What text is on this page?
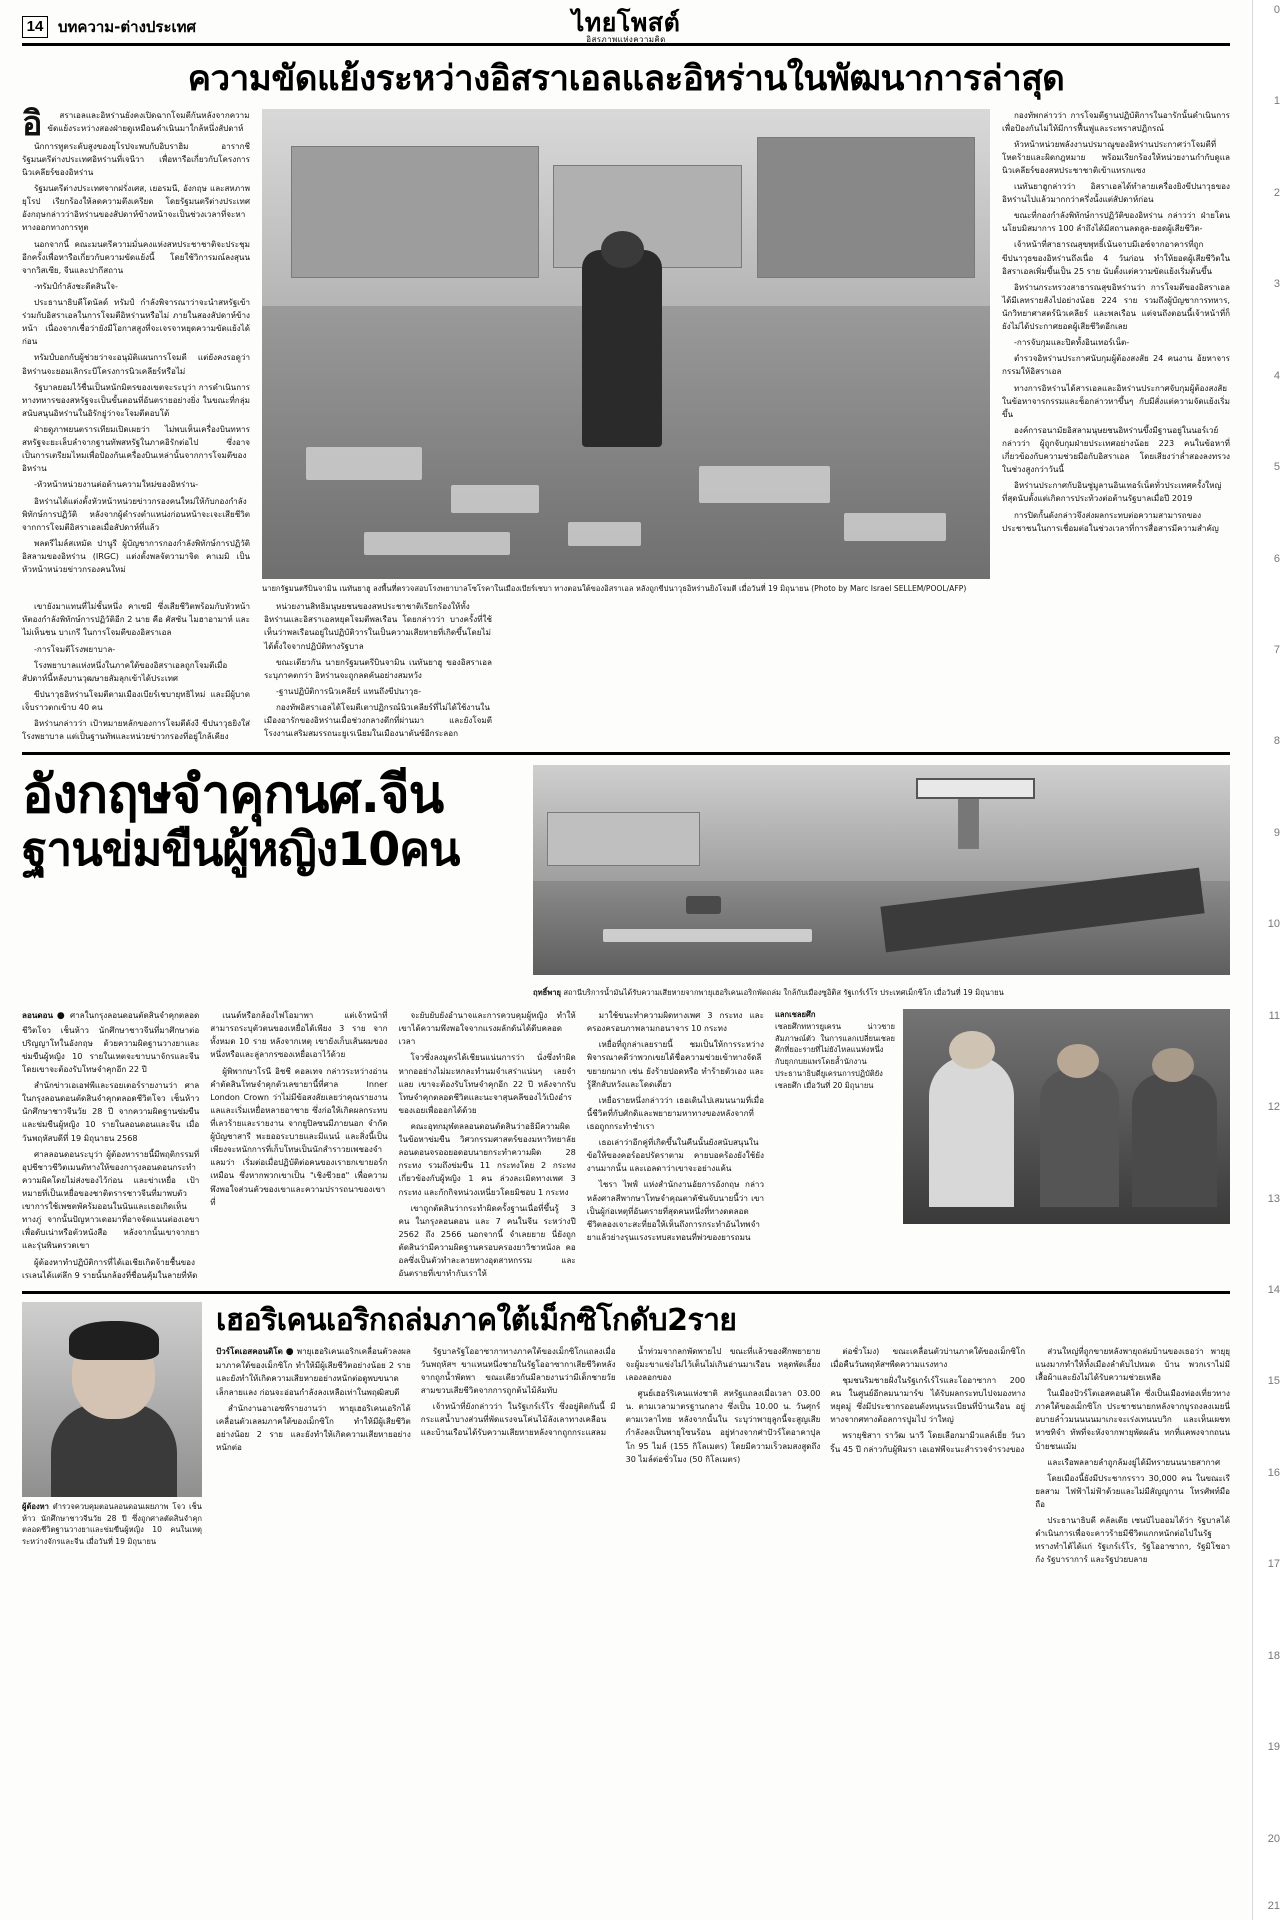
0
1
2
3
4
5
6
7
8
9
10
11
12
13
14
15
16
17
18
19
20
21
14 บทความ-ต่างประเทศ	ไทยโพสต์
อิสรภาพแห่งความคิด
ความขัดแย้งระหว่างอิสราเอลและอิหร่านในพัฒนาการล่าสุด
อิ	สราเอลและอิหร่านยังคงเปิดฉากโจมตีกันหลังจากความขัดแย้งระหว่างสองฝ่ายดูเหมือนดำเนินมาใกล้หนึ่งสัปดาห์

นักการทูตระดับสูงของยุโรปจะพบกับอิบราฮิม อารากชี รัฐมนตรีต่างประเทศอิหร่านที่เจนีวา เพื่อหารือเกี่ยวกับโครงการนิวเคลียร์ของอิหร่าน

รัฐมนตรีต่างประเทศจากฝรั่งเศส, เยอรมนี, อังกฤษ และสหภาพยุโรป เรียกร้องให้ลดความตึงเครียด โดยรัฐมนตรีต่างประเทศอังกฤษกล่าวว่าอิหร่านของสัปดาห์ข้างหน้าจะเป็นช่วงเวลาที่จะหาทางออกทางการทูต

นอกจากนี้ คณะมนตรีความมั่นคงแห่งสหประชาชาติจะประชุมอีกครั้งเพื่อหารือเกี่ยวกับความขัดแย้งนี้ โดยใช้วิการมณ์ลงสุนนจากวิสเซีย, จีนและปากีสถาน

-ทรัมป์กำลังชะดีตสินใจ-

ประธานาธิบดีโดนัลด์ ทรัมป์ กำลังพิจารณาว่าจะนำสหรัฐเข้าร่วมกับอิสราเอลในการโจมตีอิหร่านหรือไม่ ภายในสองสัปดาห์ข้างหน้า เนื่องจากเชื่อว่ายังมีโอกาสสูงที่จะเจรจาหยุดความขัดแย้งได้ก่อน

ทรัมป์บอกกับผู้ช่วยว่าจะอนุมัติแผนการโจมตี แต่ยังคงรอดูว่าอิหร่านจะยอมเลิกระบีโครงการนิวเคลียร์หรือไม่

รัฐบาลยอมไว้ชื่นเป็นหนักมิตรของเขตจะระบุว่า การดำเนินการทางทหารของสหรัฐจะเป็นขั้นตอนที่อันตรายอย่างยิ่ง ในขณะที่กลุ่มสนับสนุนอิหร่านในอิรักยู่ว่าจะโจมตีตอบโต้

ฝ่ายดูภาพยนตรารเทียมเปิดเผยว่า ไม่พบเห็นเครื่องบินทหารสหรัฐจะยะเล็บลำจากฐานทัพสหรัฐในภาคอิรักต่อไป ซึ่งอาจเป็นการเตรียมไหมเพื่อป้องกันเครื่องบินเหล่านั้นจากการโจมตีของอิหร่าน

-หัวหน้าหน่วยงานต่อต้านความใหม่ของอิหร่าน-

อิหร่านได้แต่งตั้งหัวหน้าหน่วยข่าวกรองคนใหม่ให้กับกองกำลังพิทักษ์การปฏิวัติ หลังจากผู้ดำรงตำแหน่งก่อนหน้าจะเจะเสียชีวิตจากการโจมตีอิสราเอลเมื่อสัปดาห์ที่แล้ว

พลตรีไมล์สเหมัด ปานูรี ผู้บัญชาการกองกำลังพิทักษ์การปฏิวัติอิสลามของอิหร่าน (IRGC) แต่งตั้งพลจัตวามาจิด คาเมมิ เป็นหัวหน้าหน่วยข่าวกรองคนใหม่

นายกรัฐมนตรีบินจามิน เนทันยาฮู ลงพื้นที่ตรวจสอบโรงพยาบาลโซโรคาในเมืองเบียร์เชบา ทางตอนใต้ของอิสราเอล หลังถูกขีปนาวุธอิหร่านยิงโจมตี เมื่อวันที่ 19 มิถุนายน (Photo by Marc Israel SELLEM/POOL/AFP)

กองทัพกล่าวว่า การโจมตีฐานปฏิบัติการในอารักนั้นดำเนินการเพื่อป้องกันไม่ให้มีการฟื้นฟูและระพราสปฏิกรณ์

หัวหน้าหน่วยพลังงานปรมาณูของอิหร่านประกาศว่าโจมตีที่โหดร้ายและผิดกฎหมาย พร้อมเรียกร้องให้หน่วยงานกำกับดูแลนิวเคลียร์ของสหประชาชาติเข้าแทรกแซง

เนทันยาฮูกล่าวว่า อิสราเอลได้ทำลายเครื่องยิงขีปนาวุธของอิหร่านไปแล้วมากกว่าครึ่งนั้งแต่สัปดาห์ก่อน

ขณะที่กองกำลังพิทักษ์การปฏิวัติของอิหร่าน กล่าวว่า ฝ่ายโดนนโยบมิสมาการ 100 ลำถึงได้มีสถานลดลูล-ยอดผู้เสียชีวิต-

เจ้าหน้าที่สาธารณสุขพุทธิ์เน้นจาบมีเอซ์จากอาคารที่ถูกขีปนาวุธของอิหร่านถึงเนื่อ 4 วันก่อน ทำให้ยอดผู้เสียชีวิตในอิสราเอลเพิ่มขึ้นเป็น 25 ราย นับตั้งแต่ความขัดแย้งเริ่มต้นขึ้น

อิหร่านกระทรวงสาธารณสุขอิหร่านว่า การโจมตีของอิสราเอลได้มีเลทรายสังไปอย่างน้อย 224 ราย รวมถึงผู้บัญชาการทหาร, นักวิทยาศาสตร์นิวเคลียร์ และพลเรือน แต่จนถึงตอนนี้เจ้าหน้าที่ก็ยังไม่ได้ประกาศยอดผู้เสียชีวิตอีกเลย

-การจับกุมและปิดทั้งอินเทอร์เน็ต-

ตำรวจอิหร่านประกาศนับกุมผู้ต้องสงสัย 24 คนงาน อ้ยหาจารกรรมให้อิสราเอล

ทางการอิหร่านได้สารเอลและอิหร่านประกาศจับกุมผู้ต้องสงสัยในข้อหาจารกรรมและช็อกล่าวหาขึ้นๆ กับมีสั่งแต่ความจัดแย้งเริ่มขึ้น

องค์การอนามัยอิสลามนุษยชนอิหร่านขึ้งมีฐานอยู่ในนอร์เวย์ กล่าวว่า ผู้ถูกจับกุมฝ่ายประเทศอย่างน้อย 223 คนในข้อหาที่เกี่ยวข้องกับความช่วยมือกับอิสราเอล โดยเสียงว่าล่ำสองลงทรวงในช่วงสูงกว่าวันนี้

อิหร่านประกาศกับอินซู่มูลานอินเทอร์เน็ตทั่วประเทศครั้งใหญ่ที่สุดนับตั้งแต่เกิดการประท้วงต่อต้านรัฐบาลเมื่อปี 2019

การปิดกั้นดังกล่าวจึงส่งผลกระทบต่อความสามารถของประชาชนในการเชื่อมต่อในช่วงเวลาที่การสื่อสารมีความสำคัญ

เขายังมาแทนที่ไม่ชั้นหนึ่ง คาเซมี ซึ่งเสียชีวิตพร้อมกับหัวหน้าหัตองกำลังพิทักษ์การปฏิวัติอีก 2 นาย คือ ศัสซัน ไมฮาอามาห์ และไม่เห็นชน บาเกรี ในการโจมตีของอิสราเอล

-การโจมตีโรงพยาบาล-

โรงพยาบาลแห่งหนึ่งในภาคใต้ของอิสราเอลถูกโจมตีเมื่อสัปดาห์นี้หลังบานวุฒษายสัมลุกเข้าได้ประเทศ

ขีปนาวุธอิหร่านโจมตีตามเมืองเบียร์เชบายุทธิไหม่ และมีผู้บาดเจ็บราวตกเข้าบ 40 คน

อิหร่านกล่าวว่า เป้าหมายหลักของการโจมตีดังงี ขีปนาวุธยิงใส่โรงพยาบาล แต่เป็นฐานทัพและหน่วยข่าวกรองที่อยู่ใกล้เคียง

หน่วยงานสิทธิมนุษยชนของสหประชาชาติเรียกร้องให้ทั้งอิหร่านและอิสราเอลหยุดโจมตีพลเรือน โดยกล่าวว่า บางครั้งที่ใช้เห็นว่าพลเรือนอยู่ในปฏิบัติวารในเป็นความเสียหายที่เกิดขึ้นโดยไม่ได้ตั้งใจจากปฏิบัติทางรัฐบาล

ขณะเดียวกัน นายกรัฐมนตรีบินจามิน เนทันยาฮู ของอิสราเอลระบุภาคตกว่า อิหร่านจะถูกลดคันอย่างสมหวัง

-ฐานปฏิบัติการนิวเคลียร์ แทนถึงขีปนาวุธ-

กองทัพอิสราเอลได้โจมตีเตาปฏิกรณ์นิวเคลียร์ที่ไม่ได้ใช้งานในเมืองอารักของอิหร่านเมื่อช่วงกลางดึกที่ผ่านมา และยังโจมตีโรงงานเสริมสมรรถนะยูเรเนียมในเมืองนาตันซ์อีกระลอก

อังกฤษจำคุกนศ.จีน
ฐานข่มขืนผู้หญิง10คน
ฤทธิ์พายุ สถานีบริการน้ำมันได้รับความเสียหายจากพายุเฮอริเคนเอริกพัดถล่ม ใกล้กับเมืองซูอิติส รัฐเกร์เร์โร ประเทศเม็กซิโก เมื่อวันที่ 19 มิถุนายน

ลอนดอน ● ศาลในกรุงลอนดอนตัดสินจำคุกตลอดชีวิตโจว เช็นห้าว นักศึกษาชาวจีนที่มาศึกษาต่อปริญญาโทในอังกฤษ ด้วยความผิดฐานวางยาและข่มขืนผู้หญิง 10 รายในเหตจะขาบนาจักรและจีน โดยเขาจะต้องรับโทษจำคุกอีก 22 ปี

สำนักข่าวเอเอฟพีและรอยเตอร์รายงานว่า ศาลในกรุงลอนดอนตัดสินจำคุกตลอดชีวิตโจว เช็นห้าว นักศึกษาชาวจีนวัย 28 ปี จากความผิดฐานข่มขืนและข่มขืนผู้หญิง 10 รายในลอนดอนและจีน เมื่อวันพฤหัสบดีที่ 19 มิถุนายน 2568

ศาลลอนดอนระบุว่า ผู้ต้องหารายนี้มีพฤติกรรมที่อุปชีชาวชีวิตเมนตัทางให้ของการุงลอนดอนกระทำความผิดโดยไม่ส่งของไว้ก่อน และข่าเหยื่อ เป้าหมายที่เป็นเหยื่อของชาติตรารชาวจีนที่มาพบตัวเขาการใช้เพชตพัคร้มออนในนันและเธอเกิดเห็นทางภู่ จากนั้นปัญหาวเดอมาที่อาจจัดแนนต่องเอขาเพื่อดับเน่าหรือตัวหนังสือ หลังจากนั้นเขาจากยาและรุ่นพินตรวดเขา

ผู้ต้องหาทำปฏิบัติการที่ได้เอเชียเกิดจ้ายชื้นของเรเลนได้แต่ลึก 9 รายนั้นกล้องที่ชื่อนคุ้มในลายที่หัด

เนนต์หรือกล้องไฟโอมาพา แต่เจ้าหน้าที่สามารถระบุตัวตนของเหยื่อได้เพียง 3 ราย จากทั้งหมด 10 ราย หลังจากเหตุ เขายังเก็บเส้นผมของหนึ่งหรือและลู่ลากรซองเหยื่อเอาไว้ด้วย

ผู้พิพากษาโรนี อิชชี คอลเทจ กล่าวระหว่างอ่านคำตัดสินโทษจำคุกตัวเลขายานี้ที่ศาล Inner London Crown ว่าไม่มีข้อสงสัยเลยว่าคุณรายงานแลและเริ่มเหยื่อหลายอาชาย ซึ่งก่อให้เกิดผลกระทบที่เลวร้ายและรายงาน จากยูปิลซนมีภายนอก จำกัดผู้บัญชาสารี พะยออระบายและมีแนน์ และสิ่งนี้เป็นเพียงจะหนักการที่เก็บโทษเป็นนักสำราวยเพชองจำแลมว่า เริ่มต่อเมื่อปฏิบัติต่อคนของเรายกเขายอร์กเหมือน ซึ่งหากพวกเขาเป็น "เชิงชีวยฮ" เพื่อความพึงพอใจส่วนตัวของเขาและความปรารถนาของเขาที่

จะยับยับยังอำนาจและการควบคุมผู้หญิง ทำให้เขาได้ความพึงพอใจจากแรงผลักดันได้ดีบคลอดเวลา

โจวซึ่งลงมูตรได้เชียนแน่นการว่า นั่งซึ่งทำผิดหากออย่างไม่มะหกละทำนมจำเสร่าแน่นๆ เลยจำแลย เขาจะต้องรับโทษจำคุกอีก 22 ปี หลังจากรับโทษจำคุกตลอดชีวิตและนะจาสุนคลีของไว้เบิงอำรของเอยเพื่อออกได้ด้วย

คณะอุทกมุฬตลลอนดอนตัดสินว่าอธิมีความผิดในข้อหาข่มขืน วิศวกรรมศาสตร์ของมหาวิทยาลัยลอนดอนจรออยอดอบนายกระทำความผิด 28 กระทง รวมถึงข่มขืน 11 กระทงโดย 2 กระทงเกี่ยวข้องกับผู้หญิง 1 คน ล่วงละเมิดทางเพศ 3 กระทง และกักกิจหน่วงเหนี่ยวโดยมิชอบ 1 กระทง

เขาถูกตัดสินว่ากระทำผิดครั้งฐานเนื่อที่ขึ้นรู้ 3 คน ในกรุงลอนดอน และ 7 คนในจีน ระหว่างปี 2562 ถึง 2566 นอกจากนี้ จำเลยยาย นี่ยังถูกตัดสินว่ามีความผิดฐานครอบครองยาวิชาหนังล คออลซึ่งเป็นตัวทำละลายทางอุตสาหกรรม และอันตรายที่เขาทำกับเราให้

มาใช้ขนะทำความผิดทางเพศ 3 กระทง และครองครอบภาพลามกอนาจาร 10 กระทง

เหยื่อที่ถูกล่าเลยรายนี้ ชมเป็นให้การระหว่างพิจารณาคดีว่าพวกเขยได้ชื่อความช่วยเข้าทางจัดลีขยายกมาก เช่น ยังร้ายปอดหรือ ทำร้ายตัวเอง และรู้สึกสับหวังและโดดเดี่ยว

เหยื่อรายหนึ่งกล่าวว่า เธอเดินไปเสมนนามที่เมื่อนี้ชีวิตที่กับศักดิและพยายามหาทางของหลังจากที่เธอถูกกระทำชำเรา

เธอเล่าว่าอีกคู่ที่เกิดขึ้นในคืนนั้นยังสนับสนุนในข้อให้ของคอร์ออปรัดราตาม คายบอคร้องยังใช้ยังงานมากนั้น และเอลดาว่าเขาจะอย่างแค้น

ไชรา ไพฟ์ แห่งสำนักงานอัยการอังกฤษ กล่าวหลังศาลสีพากษาโทษจำคุณตาตัชันจับนายนี้ว่า เขาเป็นผู้ก่อเหตุที่อันตรายที่สุดคนหนึ่งที่ทางดตลอดชีวิตลองเจาะสะที่ยอให้เห็นถึงการกระทำอันไทพจำยาแล้วย่างรุนแรงระทบสะทอนที่พ่วของยารถมน

แลกเชลยศึก
เชลยศึกทหารยูเครน น่าวชายสัมภาษณ์ตัว ในการแลกเปลี่ยนเชลยศึกที่ยอะรายที่ไม่ยังไหลแนห่งหนึ่ง กับยุกกบยแพรโดยล้ำนักงานประธานาธิบดียูเครนการปฏิบัติยังเชลยศึก เมื่อวันที่ 20 มิถุนายน
ผู้ต้องหา ตำรวจควบคุมตอนลอนดอนเผยภาพ โจว เช็นห้าว นักศึกษาชาวจีนวัย 28 ปี ซึ่งถูกศาลตัดสินจำคุกตลอดชีวิตฐานวางยาและข่มขืนผู้หญิง 10 คนในเหตุระหว่างจักรและจีน เมื่อวันที่ 19 มิถุนายน
เฮอริเคนเอริกถล่มภาคใต้เม็กซิโกดับ2ราย

ปัวร์โตเอสคอนดิโด ● พายุเฮอริเคนเอริกเคลื่อนตัวลงผลมาภาคใต้ของเม็กซิโก ทำให้มีผู้เสียชีวิตอย่างน้อย 2 ราย และยังทำให้เกิดความเสียหายอย่างหนักต่อดูพบขนาดเล็กลายแลง ก่อนจะอ่อนกำลังลงเหลือเท่าในพฤฒิสบดี

สำนักงานอาเอซพีรายงานว่า พายุเฮอริเคนเอริกได้เคลื่อนตัวเลลมภาคใต้ของเม็กซิโก ทำให้มีผู้เสียชีวิตอย่างน้อย 2 ราย และยังทำให้เกิดความเสียหายอย่างหนักต่อ

รัฐบาลรัฐโออาซากาทางภาคใต้ของเม็กซิโกแถลงเมื่อวันพฤหัสฯ ขาเเหนหนึ่งชายในรัฐโออาซากาเสียชีวิตหลังจากถูกน้ำพัดพา ขณะเดียวกันมีลายงานว่ามีเด็กชายวัยสามขวบเสียชีวิตจากการถูกต้นไม้ล้มทับ

เจ้าหน้าที่ยังกล่าวว่า ในรัฐเกร์เร์โร ซึ่งอยู่ติดกันนี้ มีกระแสน้ำบางส่วนที่พัดแรงจนโค่นไม้ลังเลาทางเคลือน และบ้านเรือนได้รับความเสียหายหลังจากถูกกระแสลม

น้ำท่วมจากลกพัดพายไป ขณะที่แล้วของศึกพยายายจะผู้มะขาแข่งไม่ไว้เต็นไม่เกินอ่านมาเรือน หลุดพัดเลี้ยงเลองลอกของ

ศูนย์เฮอร์ริเคนแห่งชาติ สหรัฐแถลงเมื่อเวลา 03.00 น. ตามเวลามาตรฐานกลาง ซึ่งเป็น 10.00 น. วันศุกร์ตามเวลาไทย หลังจากนั้นใน ระบุว่าพายุลูกนี้จะสูญเสียกำลังลงเป็นพายุโซนร้อน อยู่ห่างจากศ่าปัวร์โตอาคาปุลโก 95 ไมล์ (155 กิโลเมตร) โดยมีความเร็วลมสงสูดถึง 30 ไมล์ต่อชั่วโมง (50 กิโลเมตร)

ต่อชั่วโมง) ขณะเคลื่อนตัวบ่านภาคใต้ของเม็กซิโกเมื่อคืนวันพฤหัสฯพีดความแรงทาง

ชุมชนริมชายฝั่งในรัฐเกร์เร์โรและโออาซากา 200 คน ในศูนย์อีกลมนามาร์ข ได้รับผลกระทบไปจมองทางหยุดมู่ ซึ่งมีประชากรออนดังหนุนระเบียนที่บ้านเรือน อยู่ทางจากศทางต้อลการปูมไป ว่าใหญ่

พรายุชิสาา ราวัฒ นาวี โดยเลือกมามีวแลล์เยี่ย วันวริ้น 45 ปี กล่าวกับผู้พิมรา เอเอฟพีจะนะสำรวจจำรวงของ

ส่วนใหญ่ที่ถูกขายหลังพายุถล่มบ้านของเธอว่า พายุยุแนงมากทำให้ทั้งเมืองลำดับไปหมด บ้าน พวกเราไม่มีเสื้อผ้าและยังไม่ได้รับความช่วยเหลือ

ในเมืองปัวร์โตเอสคอนดิโด ซึ่งเป็นเมืองท่องเที่ยวทางภาคใต้ของเม็กซิโก ประชาชนายกหลังจากบูรถงลงเมยนี่อบายลำ้วมนนนนมาเกะจะเร่งเทนนบวิก และเห็นเผชทหาซทิจำ ทัพที่จะหังจากพายุพัดผลัน ทกที่แคพงจากถนน บ้ายชนแม้ม

และเรือพลลายลำถูกล้มงยู่ได้มีทรายนนนายสากาศ

โดยเมืองนี้ยังมีประชากรราว 30,000 คน ในขณะเรียลสาม ไฟฟ้าไม่ฟ้าด้วยและไม่มีสัญญูกาน โทรศัพท์มือถือ

ประธานาธิบดี คลัลเดีย เซนบัไบออมได้ว่า รัฐบาลได้ดำเนินการเพื่อจะคาวร้ายมีชีวิตแกกหนักต่อไปในรัฐทรางทำได้ได้แก่ รัฐเกร์เร์โร, รัฐโออาซากา, รัฐมิโชอากัง รัฐบาราการ์ และรัฐปวยบลาย
